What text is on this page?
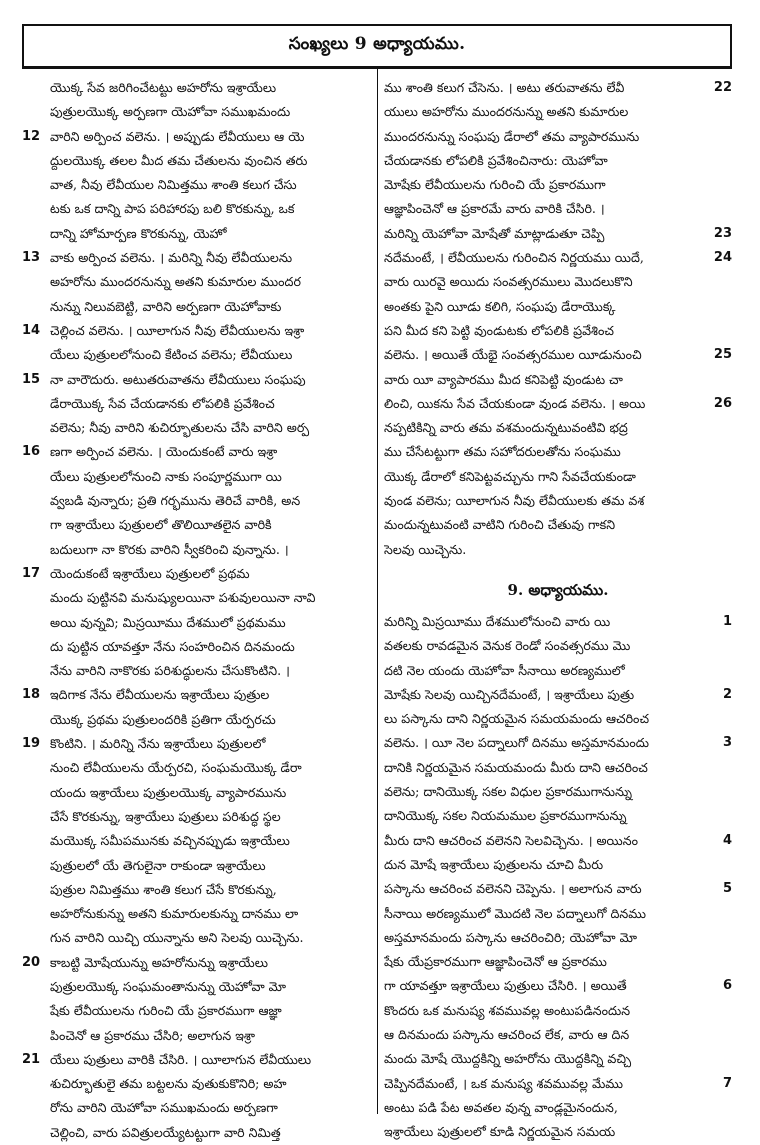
సంఖ్యలు 9 అధ్యాయము.
యొక్క సేవ జరిగించేటట్టు అహరోను ఇశ్రాయేలు
పుత్రులయొక్క అర్పణగా యెహోవా సముఖమందు
12 వారిని అర్పించ వలెను. । అప్పుడు లేవీయులు ఆ యె
ద్దులయొక్క తలల మీద తమ చేతులను వుంచిన తరు
వాత, నీవు లేవీయుల నిమిత్తము శాంతి కలుగ చేసు
టకు ఒక దాన్ని పాప పరిహారపు బలి కొరకున్ను, ఒక
దాన్ని హోమార్పణ కొరకున్ను, యెహో
13 వాకు అర్పించ వలెను. । మరిన్ని నీవు లేవీయులను
అహరోను ముందరనున్ను అతని కుమారుల ముందర
నున్ను నిలువబెట్టి, వారిని అర్పణగా యెహోవాకు
14 చెల్లించ వలెను. । యీలాగున నీవు లేవీయులను ఇశ్రా
యేలు పుత్రులలోనుంచి కేటించ వలెను; లేవీయులు
15 నా వారౌదురు. అటుతరువాతను లేవీయులు సంఘపు
డేరాయొక్క సేవ చేయడానకు లోపలికి ప్రవేశించ
వలెను; నీవు వారిని శుచిర్భూతులను చేసి వారిని అర్ప
16 ణగా అర్పించ వలెను. । యెందుకంటే వారు ఇశ్రా
యేలు పుత్రులలోనుంచి నాకు సంపూర్ణముగా యి
వ్వబడి వున్నారు; ప్రతి గర్భమును తెరిచే వారికి, అన
గా ఇశ్రాయేలు పుత్రులలో తొలియీతలైన వారికి
బదులుగా నా కొరకు వారిని స్వీకరించి వున్నాను. ।
17 యెందుకంటే ఇశ్రాయేలు పుత్రులలో ప్రథమ
మందు పుట్టినవి మనుష్యులయినా పశువులయినా నావి
అయి వున్నవి; మిస్రయీము దేశములో ప్రథమము
దు పుట్టిన యావత్తూ నేను సంహరించిన దినమందు
నేను వారిని నాకొరకు పరిశుద్ధులను చేసుకొంటిని. ।
18 ఇదిగాక నేను లేవీయులను ఇశ్రాయేలు పుత్రుల
యొక్క ప్రథమ పుత్రులందరికి ప్రతిగా యేర్పరచు
19 కొంటిని. । మరిన్ని నేను ఇశ్రాయేలు పుత్రులలో
నుంచి లేవీయులను యేర్పరచి, సంఘమయొక్క డేరా
యందు ఇశ్రాయేలు పుత్రులయొక్క వ్యాపారమును
చేసే కొరకున్ను, ఇశ్రాయేలు పుత్రులు పరిశుద్ధ స్థల
మయొక్క సమీపమునకు వచ్చినప్పుడు ఇశ్రాయేలు
పుత్రులలో యే తెగులైనా రాకుండా ఇశ్రాయేలు
పుత్రుల నిమిత్తము శాంతి కలుగ చేసే కొరకున్ను,
అహరోనుకున్ను అతని కుమారులకున్ను దానము లా
గున వారిని యిచ్చి యున్నాను అని సెలవు యిచ్చెను.
20 కాబట్టి మోషేయున్ను అహరోనున్ను ఇశ్రాయేలు
పుత్రులయొక్క సంఘమంతానున్ను యెహోవా మో
షేకు లేవీయులను గురించి యే ప్రకారముగా ఆజ్ఞా
పించెనో ఆ ప్రకారము చేసిరి; అలాగున ఇశ్రా
21 యేలు పుత్రులు వారికి చేసిరి. । యీలాగున లేవీయులు
శుచిర్భూతులై తమ బట్టలను వుతుకుకొనిరి; అహ
రోను వారిని యెహోవా సముఖమందు అర్పణగా
చెల్లించి, వారు పవిత్రులయ్యేటట్టుగా వారి నిమిత్త
22
ము శాంతి కలుగ చేసెను. । అటు తరువాతను లేవీ
యులు అహరోను ముందరనున్ను అతని కుమారుల
ముందరనున్ను సంఘపు డేరాలో తమ వ్యాపారమును
చేయడానకు లోపలికి ప్రవేశించినారు: యెహోవా
మోషేకు లేవీయులను గురించి యే ప్రకారముగా
ఆజ్ఞాపించెనో ఆ ప్రకారమే వారు వారికి చేసిరి. ।
23
మరిన్ని యెహోవా మోషేతో మాట్లాడుతూ చెప్పి
24
నదేమంటే, । లేవీయులను గురించిన నిర్ణయము యిదే,
వారు యిరవై అయిదు సంవత్సరములు మొదలుకొని
అంతకు పైని యీడు కలిగి, సంఘపు డేరాయొక్క
పని మీద కని పెట్టి వుండుటకు లోపలికి ప్రవేశించ
25
వలెను. । అయితే యేభై సంవత్సరముల యీడునుంచి
వారు యీ వ్యాపారము మీద కనిపెట్టి వుండుట చా
26
లించి, యికను సేవ చేయకుండా వుండ వలెను. । అయి
నప్పటికిన్ని వారు తమ వశమందున్నటువంటివి భద్ర
ము చేసేటట్టుగా తమ సహోదరులతోను సంఘము
యొక్క డేరాలో కనిపెట్టవచ్చును గాని సేవచేయకుండా
వుండ వలెను; యీలాగున నీవు లేవీయులకు తమ వశ
మందున్నటువంటి వాటిని గురించి చేతువు గాకని
సెలవు యిచ్చెను.
9. అధ్యాయము.
1
మరిన్ని మిస్రయీము దేశములోనుంచి వారు యి
వతలకు రావడమైన వెనుక రెండో సంవత్సరము మొ
దటి నెల యందు యెహోవా సీనాయి అరణ్యములో
2
మోషేకు సెలవు యిచ్చినదేమంటే, । ఇశ్రాయేలు పుత్రు
లు పస్కాను దాని నిర్ణయమైన సమయమందు ఆచరించ
3
వలెను. । యీ నెల పద్నాలుగో దినము అస్తమానమందు
దానికి నిర్ణయమైన సమయమందు మీరు దాని ఆచరించ
వలెను; దానియొక్క సకల విధుల ప్రకారముగానున్ను
దానియొక్క సకల నియమముల ప్రకారముగానున్ను
4
మీరు దాని ఆచరించ వలెనని సెలవిచ్చెను. । అయినం
దున మోషే ఇశ్రాయేలు పుత్రులను చూచి మీరు
5
పస్కాను ఆచరించ వలెనని చెప్పెను. । అలాగున వారు
సీనాయి అరణ్యములో మొదటి నెల పద్నాలుగో దినము
అస్తమానమందు పస్కాను ఆచరించిరి; యెహోవా మో
షేకు యేప్రకారముగా ఆజ్ఞాపించెనో ఆ ప్రకారము
6
గా యావత్తూ ఇశ్రాయేలు పుత్రులు చేసిరి. । అయితే
కొందరు ఒక మనుష్య శవమువల్ల అంటుపడినందున
ఆ దినమందు పస్కాను ఆచరించ లేక, వారు ఆ దిన
మందు మోషే యొద్దకిన్ని అహరోను యొద్దకిన్ని వచ్చి
7
చెప్పినదేమంటే, । ఒక మనుష్య శవమువల్ల మేము
అంటు పడి పేట అవతల వున్న వాండ్లమైనందున,
ఇశ్రాయేలు పుత్రులలో కూడి నిర్ణయమైన సమయ
